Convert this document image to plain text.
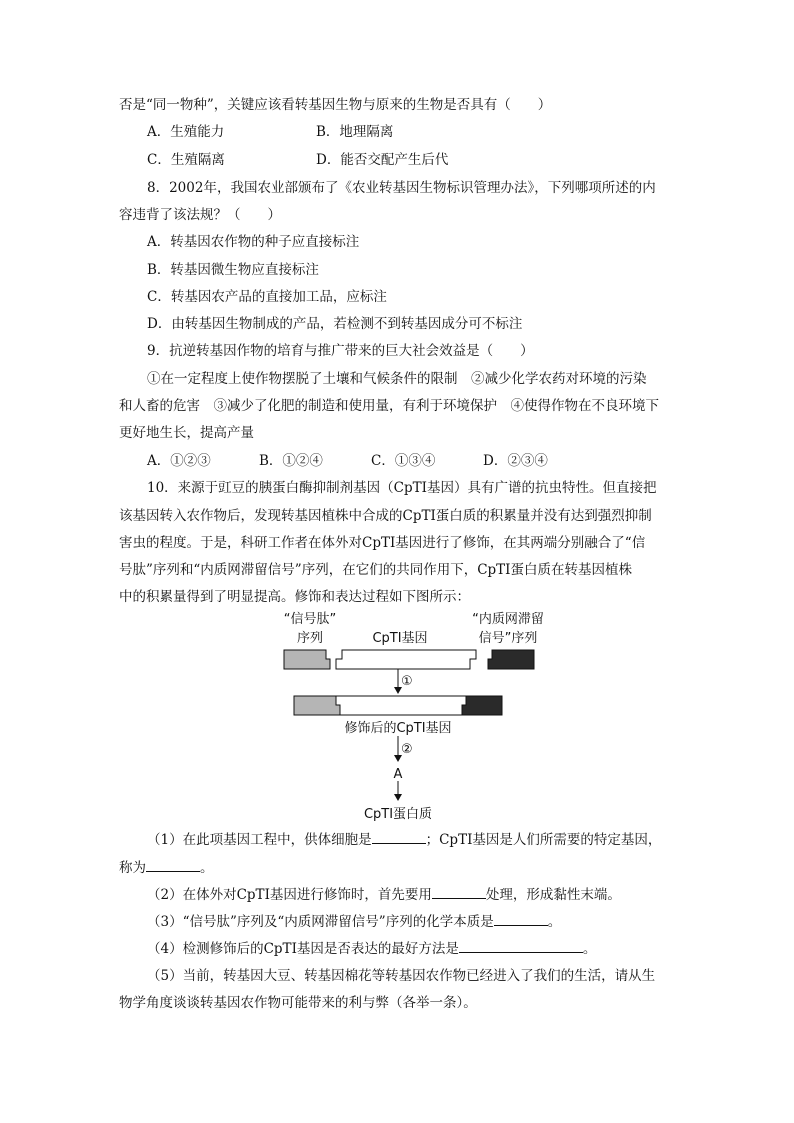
否是“同一物种”，关键应该看转基因生物与原来的生物是否具有（　　）
A．生殖能力	B．地理隔离
C．生殖隔离	D．能否交配产生后代
8．2002年，我国农业部颁布了《农业转基因生物标识管理办法》，下列哪项所述的内
容违背了该法规？（　　）
A．转基因农作物的种子应直接标注
B．转基因微生物应直接标注
C．转基因农产品的直接加工品，应标注
D．由转基因生物制成的产品，若检测不到转基因成分可不标注
9．抗逆转基因作物的培育与推广带来的巨大社会效益是（　　）
①在一定程度上使作物摆脱了土壤和气候条件的限制　②减少化学农药对环境的污染
和人畜的危害　③减少了化肥的制造和使用量，有利于环境保护　④使得作物在不良环境下
更好地生长，提高产量
A．①②③	B．①②④	C．①③④	D．②③④
10．来源于豇豆的胰蛋白酶抑制剂基因（CpTI基因）具有广谱的抗虫特性。但直接把
该基因转入农作物后，发现转基因植株中合成的CpTI蛋白质的积累量并没有达到强烈抑制
害虫的程度。于是，科研工作者在体外对CpTI基因进行了修饰，在其两端分别融合了“信
号肽”序列和“内质网滞留信号”序列，在它们的共同作用下，CpTI蛋白质在转基因植株
中的积累量得到了明显提高。修饰和表达过程如下图所示：
“信号肽”
序列	CpTI基因
“内质网滞留
信号”序列
①
修饰后的CpTI基因
②
A
CpTI蛋白质
（1）在此项基因工程中，供体细胞是	；CpTI基因是人们所需要的特定基因，
称为	。
（2）在体外对CpTI基因进行修饰时，首先要用	处理，形成黏性末端。
（3）“信号肽”序列及“内质网滞留信号”序列的化学本质是	。
（4）检测修饰后的CpTI基因是否表达的最好方法是	。
（5）当前，转基因大豆、转基因棉花等转基因农作物已经进入了我们的生活，请从生
物学角度谈谈转基因农作物可能带来的利与弊（各举一条）。
